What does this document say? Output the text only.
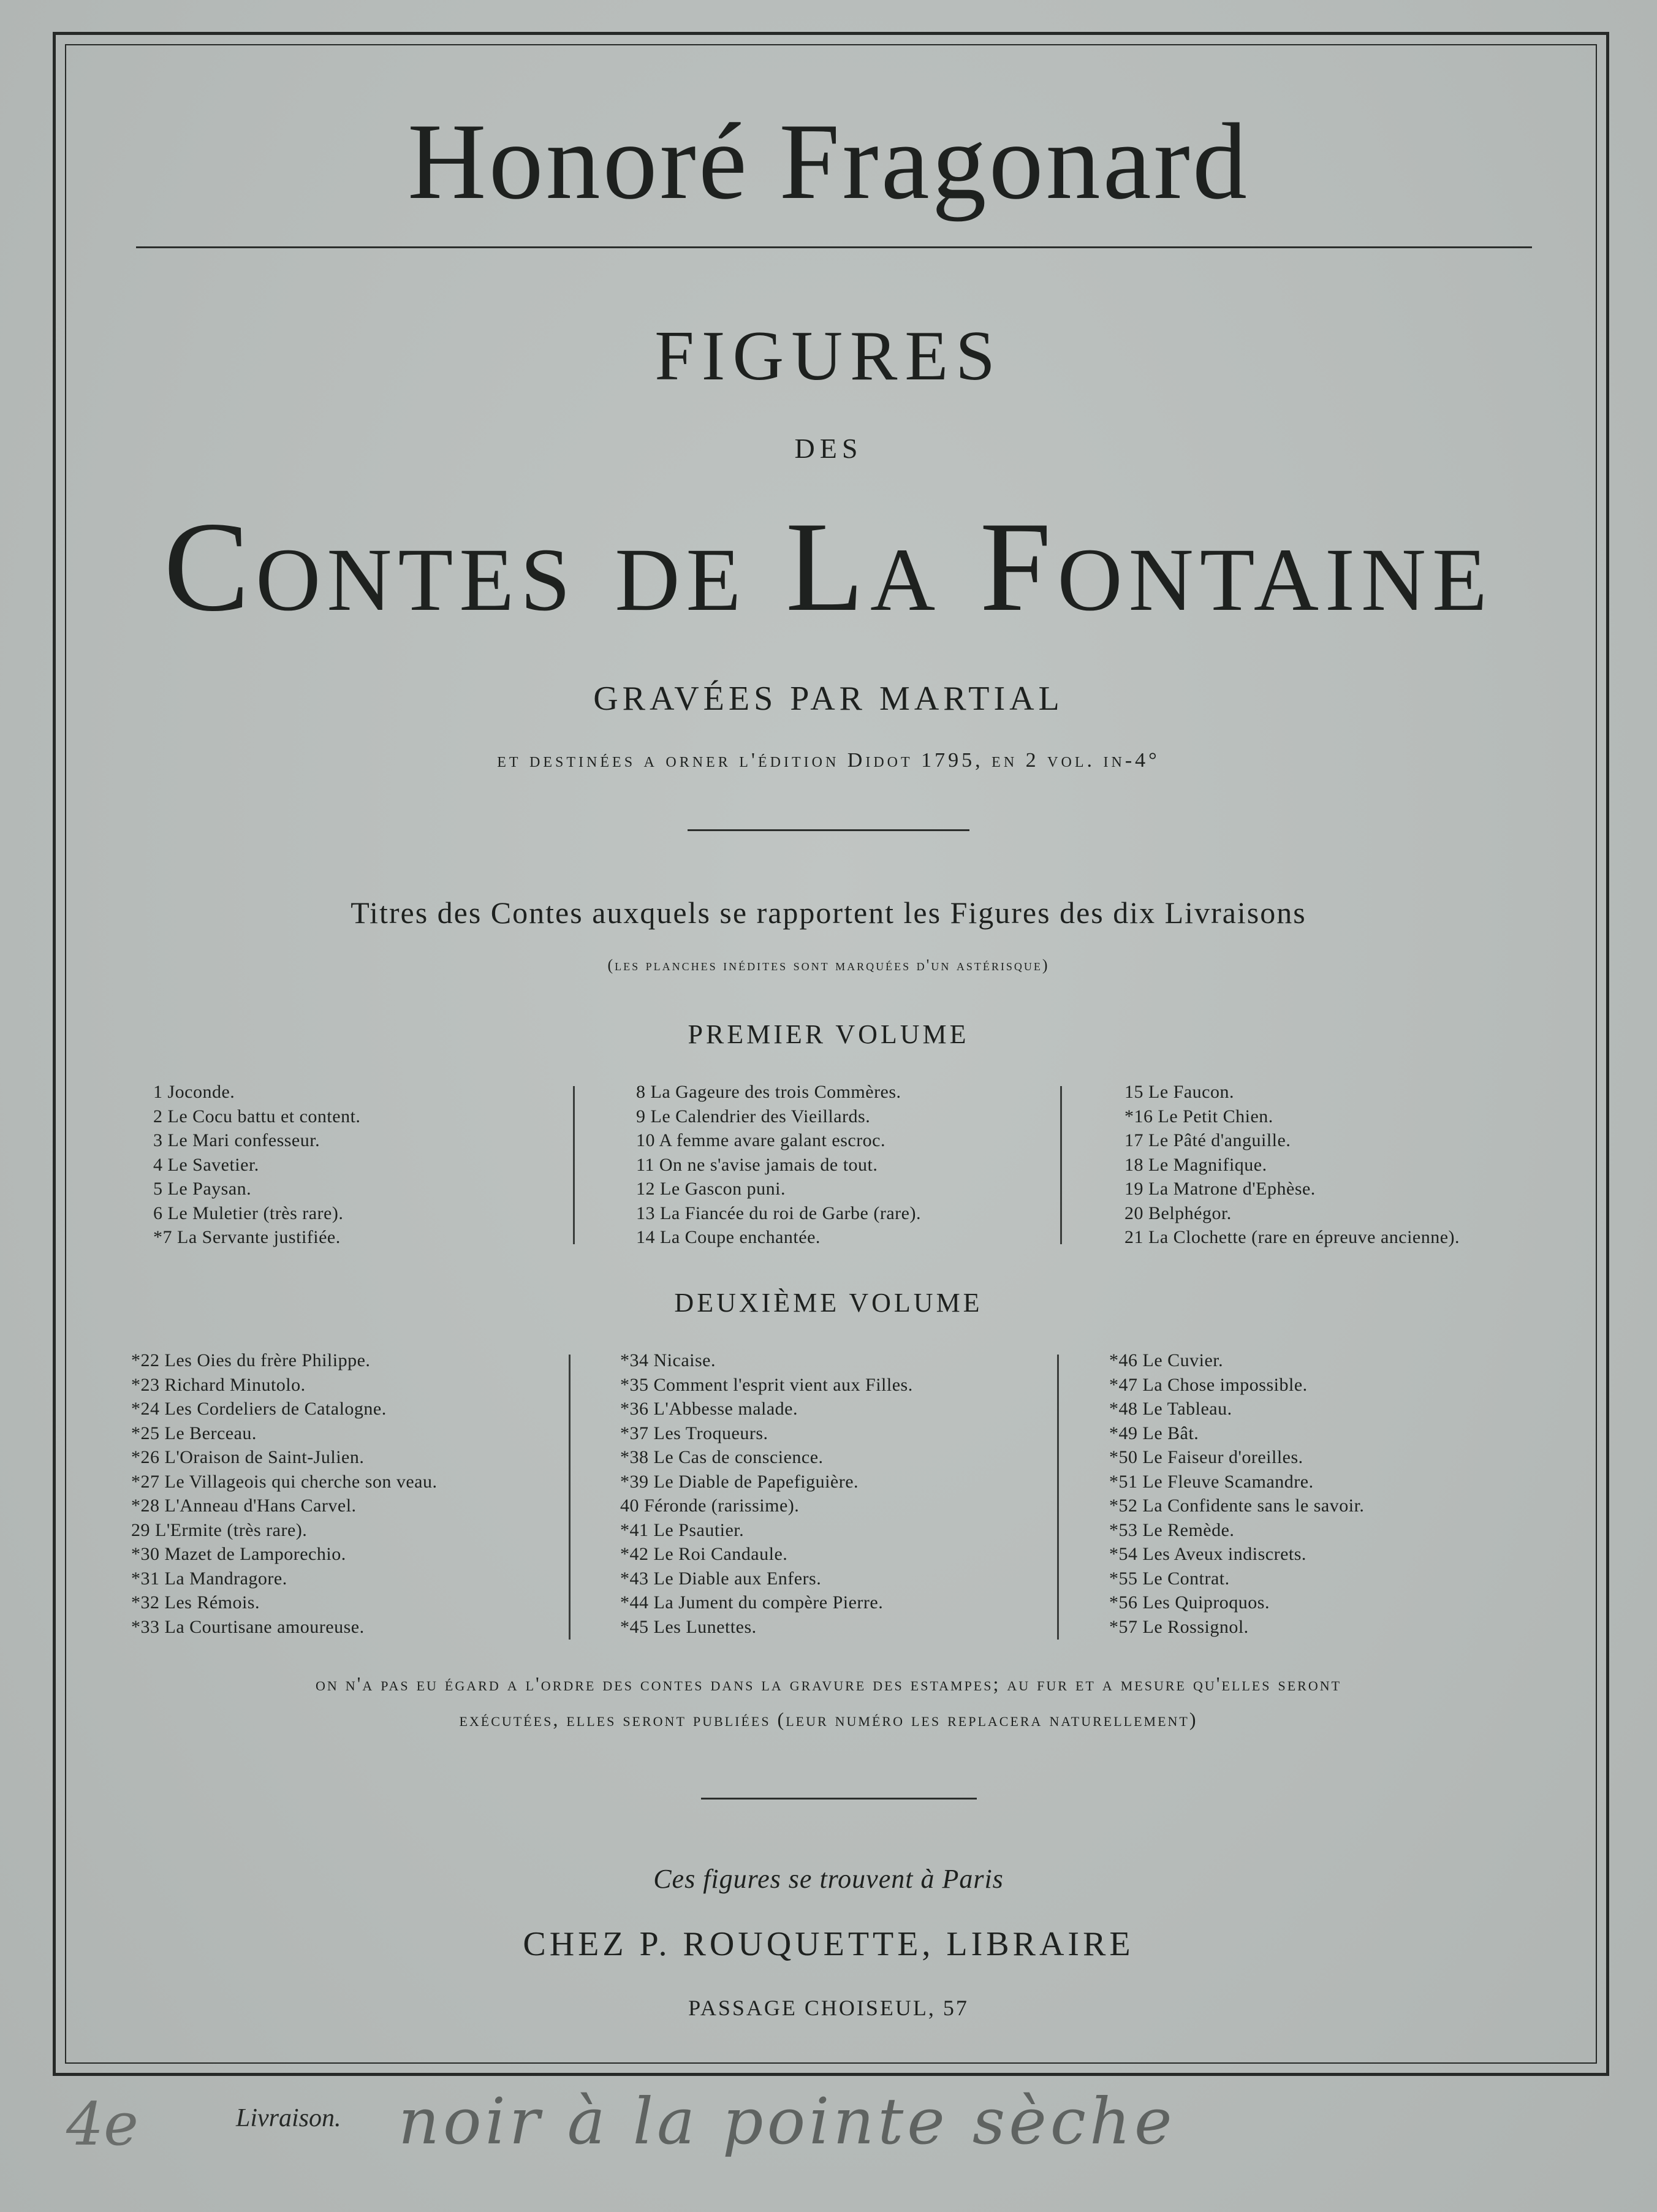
Honoré Fragonard
FIGURES
DES
Contes de La Fontaine
GRAVÉES PAR MARTIAL
et destinées a orner l'édition Didot 1795, en 2 vol. in-4°
Titres des Contes auxquels se rapportent les Figures des dix Livraisons
(les planches inédites sont marquées d'un astérisque)
PREMIER VOLUME
1 Joconde.
2 Le Cocu battu et content.
3 Le Mari confesseur.
4 Le Savetier.
5 Le Paysan.
6 Le Muletier (très rare).
*7 La Servante justifiée.
8 La Gageure des trois Commères.
9 Le Calendrier des Vieillards.
10 A femme avare galant escroc.
11 On ne s'avise jamais de tout.
12 Le Gascon puni.
13 La Fiancée du roi de Garbe (rare).
14 La Coupe enchantée.
15 Le Faucon.
*16 Le Petit Chien.
17 Le Pâté d'anguille.
18 Le Magnifique.
19 La Matrone d'Ephèse.
20 Belphégor.
21 La Clochette (rare en épreuve ancienne).
DEUXIÈME VOLUME
*22 Les Oies du frère Philippe.
*23 Richard Minutolo.
*24 Les Cordeliers de Catalogne.
*25 Le Berceau.
*26 L'Oraison de Saint-Julien.
*27 Le Villageois qui cherche son veau.
*28 L'Anneau d'Hans Carvel.
29 L'Ermite (très rare).
*30 Mazet de Lamporechio.
*31 La Mandragore.
*32 Les Rémois.
*33 La Courtisane amoureuse.
*34 Nicaise.
*35 Comment l'esprit vient aux Filles.
*36 L'Abbesse malade.
*37 Les Troqueurs.
*38 Le Cas de conscience.
*39 Le Diable de Papefiguière.
40 Féronde (rarissime).
*41 Le Psautier.
*42 Le Roi Candaule.
*43 Le Diable aux Enfers.
*44 La Jument du compère Pierre.
*45 Les Lunettes.
*46 Le Cuvier.
*47 La Chose impossible.
*48 Le Tableau.
*49 Le Bât.
*50 Le Faiseur d'oreilles.
*51 Le Fleuve Scamandre.
*52 La Confidente sans le savoir.
*53 Le Remède.
*54 Les Aveux indiscrets.
*55 Le Contrat.
*56 Les Quiproquos.
*57 Le Rossignol.
on n'a pas eu égard a l'ordre des contes dans la gravure des estampes; au fur et a mesure qu'elles seront
exécutées, elles seront publiées (leur numéro les replacera naturellement)
Ces figures se trouvent à Paris
CHEZ P. ROUQUETTE, LIBRAIRE
PASSAGE CHOISEUL, 57
4e	Livraison. noir à la pointe sèche
